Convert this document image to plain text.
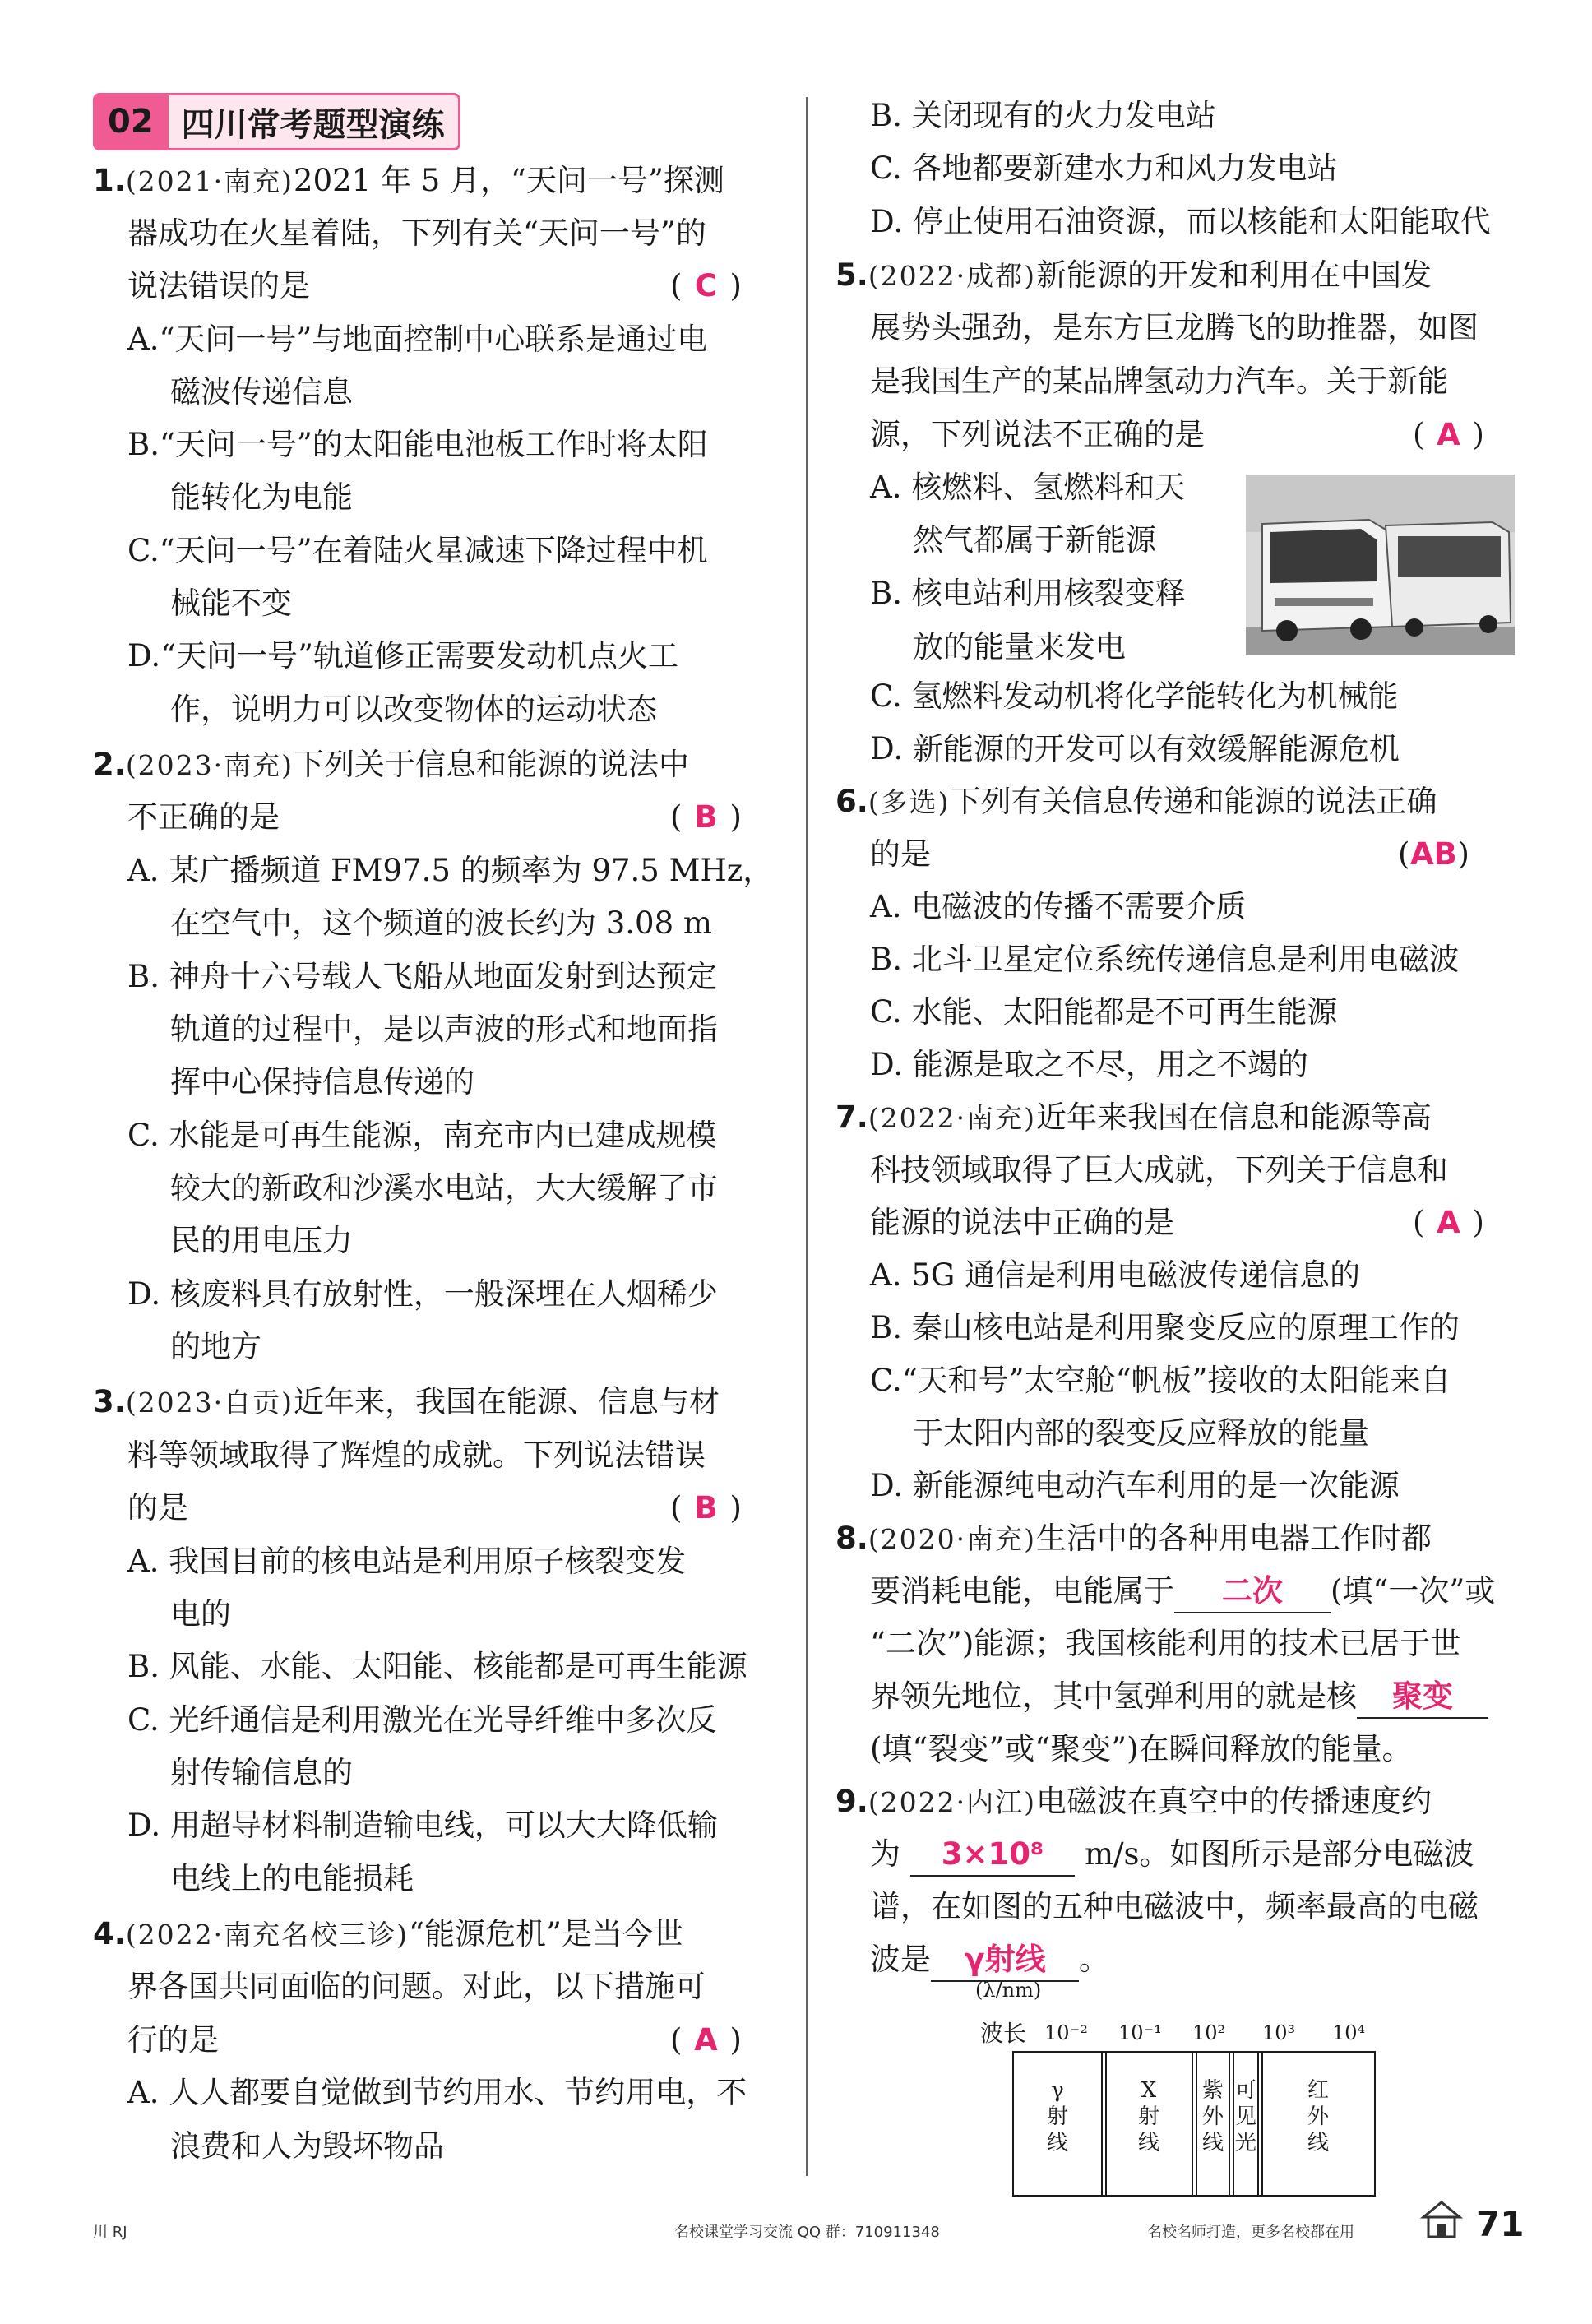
02 四川常考题型演练
1.(2021·南充)2021 年 5 月，“天问一号”探测
器成功在火星着陆，下列有关“天问一号”的
说法错误的是	( C )
A.“天问一号”与地面控制中心联系是通过电
磁波传递信息
B.“天问一号”的太阳能电池板工作时将太阳
能转化为电能
C.“天问一号”在着陆火星减速下降过程中机
械能不变
D.“天问一号”轨道修正需要发动机点火工
作，说明力可以改变物体的运动状态
2.(2023·南充)下列关于信息和能源的说法中
不正确的是	( B )
A. 某广播频道 FM97.5 的频率为 97.5 MHz，
在空气中，这个频道的波长约为 3.08 m
B. 神舟十六号载人飞船从地面发射到达预定
轨道的过程中，是以声波的形式和地面指
挥中心保持信息传递的
C. 水能是可再生能源，南充市内已建成规模
较大的新政和沙溪水电站，大大缓解了市
民的用电压力
D. 核废料具有放射性，一般深埋在人烟稀少
的地方
3.(2023·自贡)近年来，我国在能源、信息与材
料等领域取得了辉煌的成就。下列说法错误
的是	( B )
A. 我国目前的核电站是利用原子核裂变发
电的
B. 风能、水能、太阳能、核能都是可再生能源
C. 光纤通信是利用激光在光导纤维中多次反
射传输信息的
D. 用超导材料制造输电线，可以大大降低输
电线上的电能损耗
4.(2022·南充名校三诊)“能源危机”是当今世
界各国共同面临的问题。对此，以下措施可
行的是	( A )
A. 人人都要自觉做到节约用水、节约用电，不
浪费和人为毁坏物品
B. 关闭现有的火力发电站
C. 各地都要新建水力和风力发电站
D. 停止使用石油资源，而以核能和太阳能取代
5.(2022·成都)新能源的开发和利用在中国发
展势头强劲，是东方巨龙腾飞的助推器，如图
是我国生产的某品牌氢动力汽车。关于新能
源，下列说法不正确的是	( A )
A. 核燃料、氢燃料和天
然气都属于新能源
B. 核电站利用核裂变释
放的能量来发电
C. 氢燃料发动机将化学能转化为机械能
D. 新能源的开发可以有效缓解能源危机
6.(多选)下列有关信息传递和能源的说法正确
的是	(AB)
A. 电磁波的传播不需要介质
B. 北斗卫星定位系统传递信息是利用电磁波
C. 水能、太阳能都是不可再生能源
D. 能源是取之不尽，用之不竭的
7.(2022·南充)近年来我国在信息和能源等高
科技领域取得了巨大成就，下列关于信息和
能源的说法中正确的是	( A )
A. 5G 通信是利用电磁波传递信息的
B. 秦山核电站是利用聚变反应的原理工作的
C.“天和号”太空舱“帆板”接收的太阳能来自
于太阳内部的裂变反应释放的能量
D. 新能源纯电动汽车利用的是一次能源
8.(2020·南充)生活中的各种用电器工作时都
要消耗电能，电能属于 二次 (填“一次”或
“二次”)能源；我国核能利用的技术已居于世
界领先地位，其中氢弹利用的就是核 聚变
(填“裂变”或“聚变”)在瞬间释放的能量。
9.(2022·内江)电磁波在真空中的传播速度约
为 3×10⁸ m/s。如图所示是部分电磁波
谱，在如图的五种电磁波中，频率最高的电磁
波是 γ射线 。
(λ/nm)
波长 10⁻² 10⁻¹ 10² 10³ 10⁴
γ
射
线
X
射
线
紫
外
线
可
见
光
红
外
线
川 RJ	名校课堂学习交流 QQ 群：710911348	名校名师打造，更多名校都在用	71
